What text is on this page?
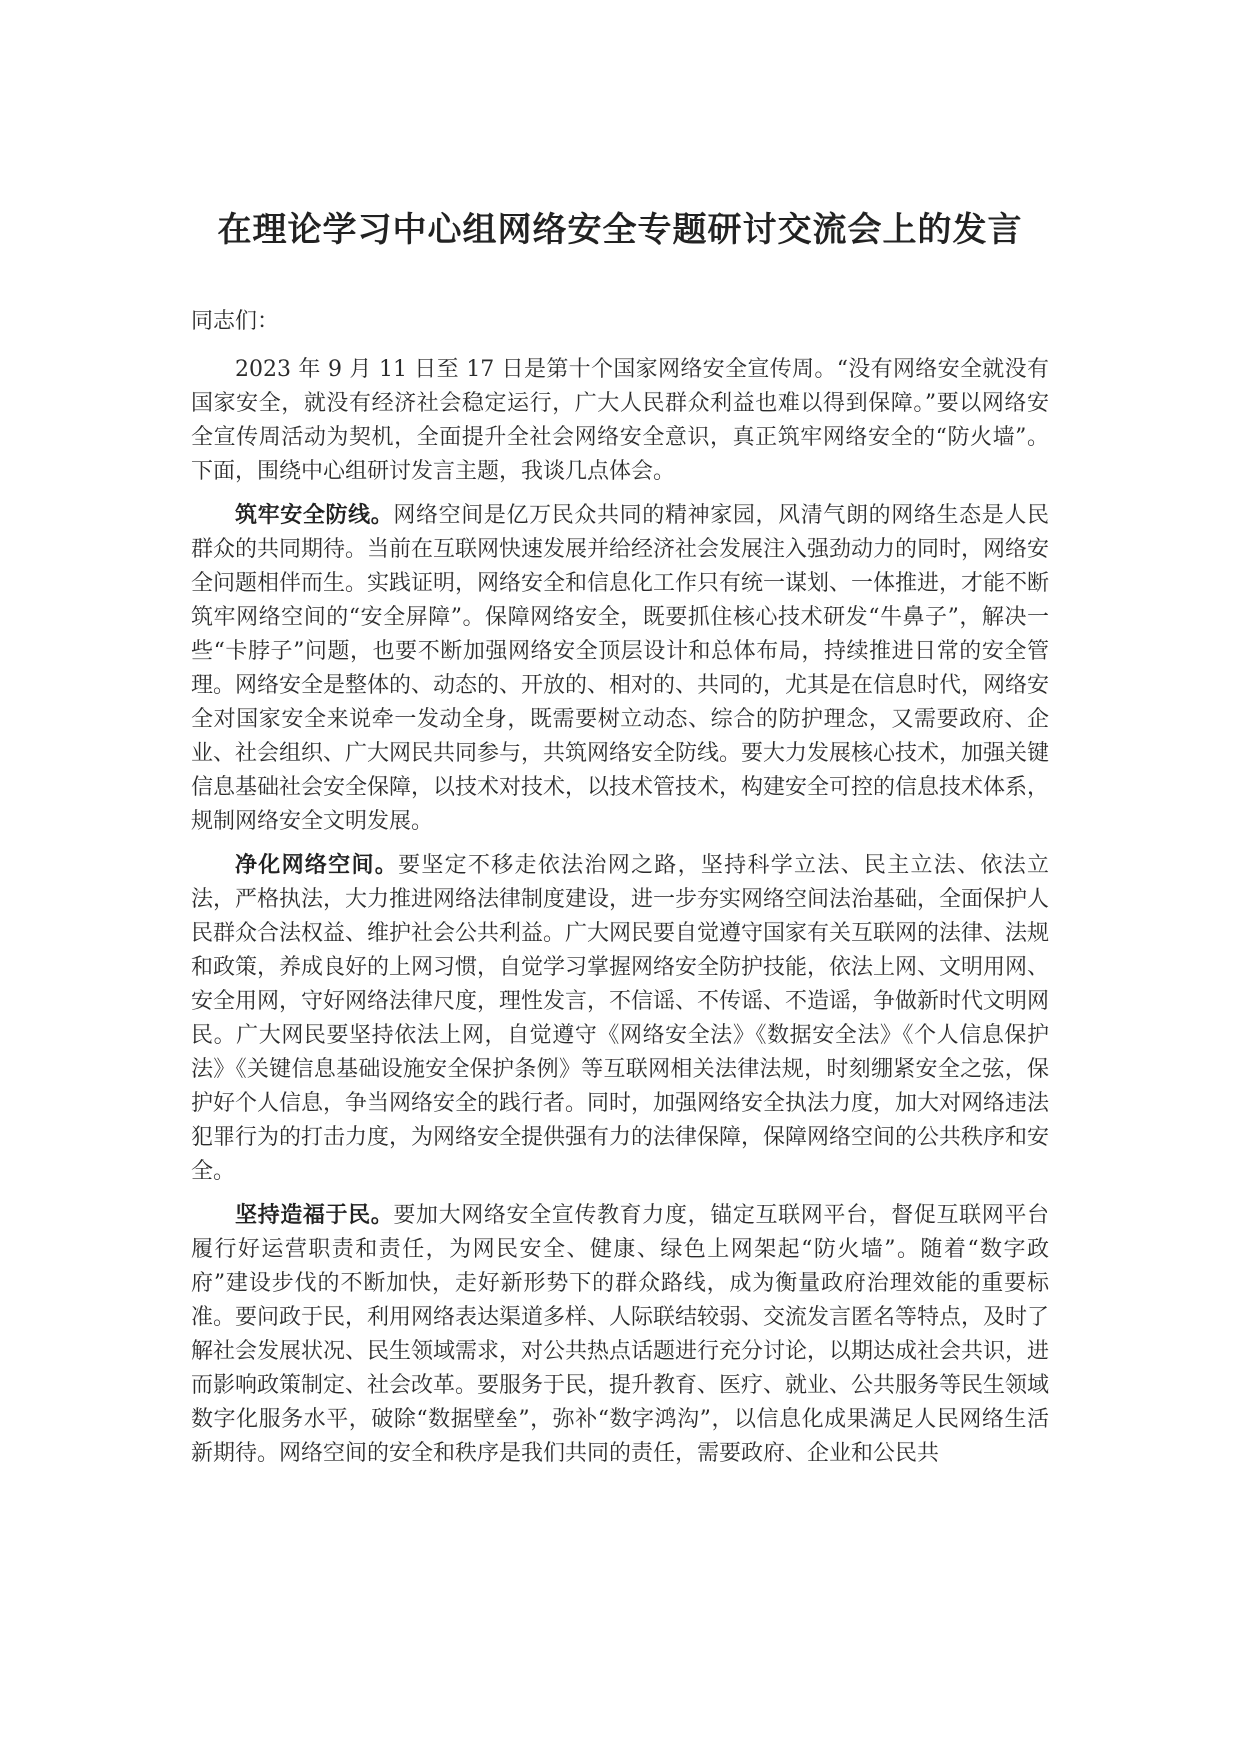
在理论学习中心组网络安全专题研讨交流会上的发言

同志们：

2023 年 9 月 11 日至 17 日是第十个国家网络安全宣传周。“没有网络安全就没有国家安全，就没有经济社会稳定运行，广大人民群众利益也难以得到保障。”要以网络安全宣传周活动为契机，全面提升全社会网络安全意识，真正筑牢网络安全的“防火墙”。下面，围绕中心组研讨发言主题，我谈几点体会。

筑牢安全防线。网络空间是亿万民众共同的精神家园，风清气朗的网络生态是人民群众的共同期待。当前在互联网快速发展并给经济社会发展注入强劲动力的同时，网络安全问题相伴而生。实践证明，网络安全和信息化工作只有统一谋划、一体推进，才能不断筑牢网络空间的“安全屏障”。保障网络安全，既要抓住核心技术研发“牛鼻子”，解决一些“卡脖子”问题，也要不断加强网络安全顶层设计和总体布局，持续推进日常的安全管理。网络安全是整体的、动态的、开放的、相对的、共同的，尤其是在信息时代，网络安全对国家安全来说牵一发动全身，既需要树立动态、综合的防护理念，又需要政府、企业、社会组织、广大网民共同参与，共筑网络安全防线。要大力发展核心技术，加强关键信息基础社会安全保障，以技术对技术，以技术管技术，构建安全可控的信息技术体系，规制网络安全文明发展。

净化网络空间。要坚定不移走依法治网之路，坚持科学立法、民主立法、依法立法，严格执法，大力推进网络法律制度建设，进一步夯实网络空间法治基础，全面保护人民群众合法权益、维护社会公共利益。广大网民要自觉遵守国家有关互联网的法律、法规和政策，养成良好的上网习惯，自觉学习掌握网络安全防护技能，依法上网、文明用网、安全用网，守好网络法律尺度，理性发言，不信谣、不传谣、不造谣，争做新时代文明网民。广大网民要坚持依法上网，自觉遵守《网络安全法》《数据安全法》《个人信息保护法》《关键信息基础设施安全保护条例》等互联网相关法律法规，时刻绷紧安全之弦，保护好个人信息，争当网络安全的践行者。同时，加强网络安全执法力度，加大对网络违法犯罪行为的打击力度，为网络安全提供强有力的法律保障，保障网络空间的公共秩序和安全。

坚持造福于民。要加大网络安全宣传教育力度，锚定互联网平台，督促互联网平台履行好运营职责和责任，为网民安全、健康、绿色上网架起“防火墙”。随着“数字政府”建设步伐的不断加快，走好新形势下的群众路线，成为衡量政府治理效能的重要标准。要问政于民，利用网络表达渠道多样、人际联结较弱、交流发言匿名等特点，及时了解社会发展状况、民生领域需求，对公共热点话题进行充分讨论，以期达成社会共识，进而影响政策制定、社会改革。要服务于民，提升教育、医疗、就业、公共服务等民生领域数字化服务水平，破除“数据壁垒”，弥补“数字鸿沟”，以信息化成果满足人民网络生活新期待。网络空间的安全和秩序是我们共同的责任，需要政府、企业和公民共
